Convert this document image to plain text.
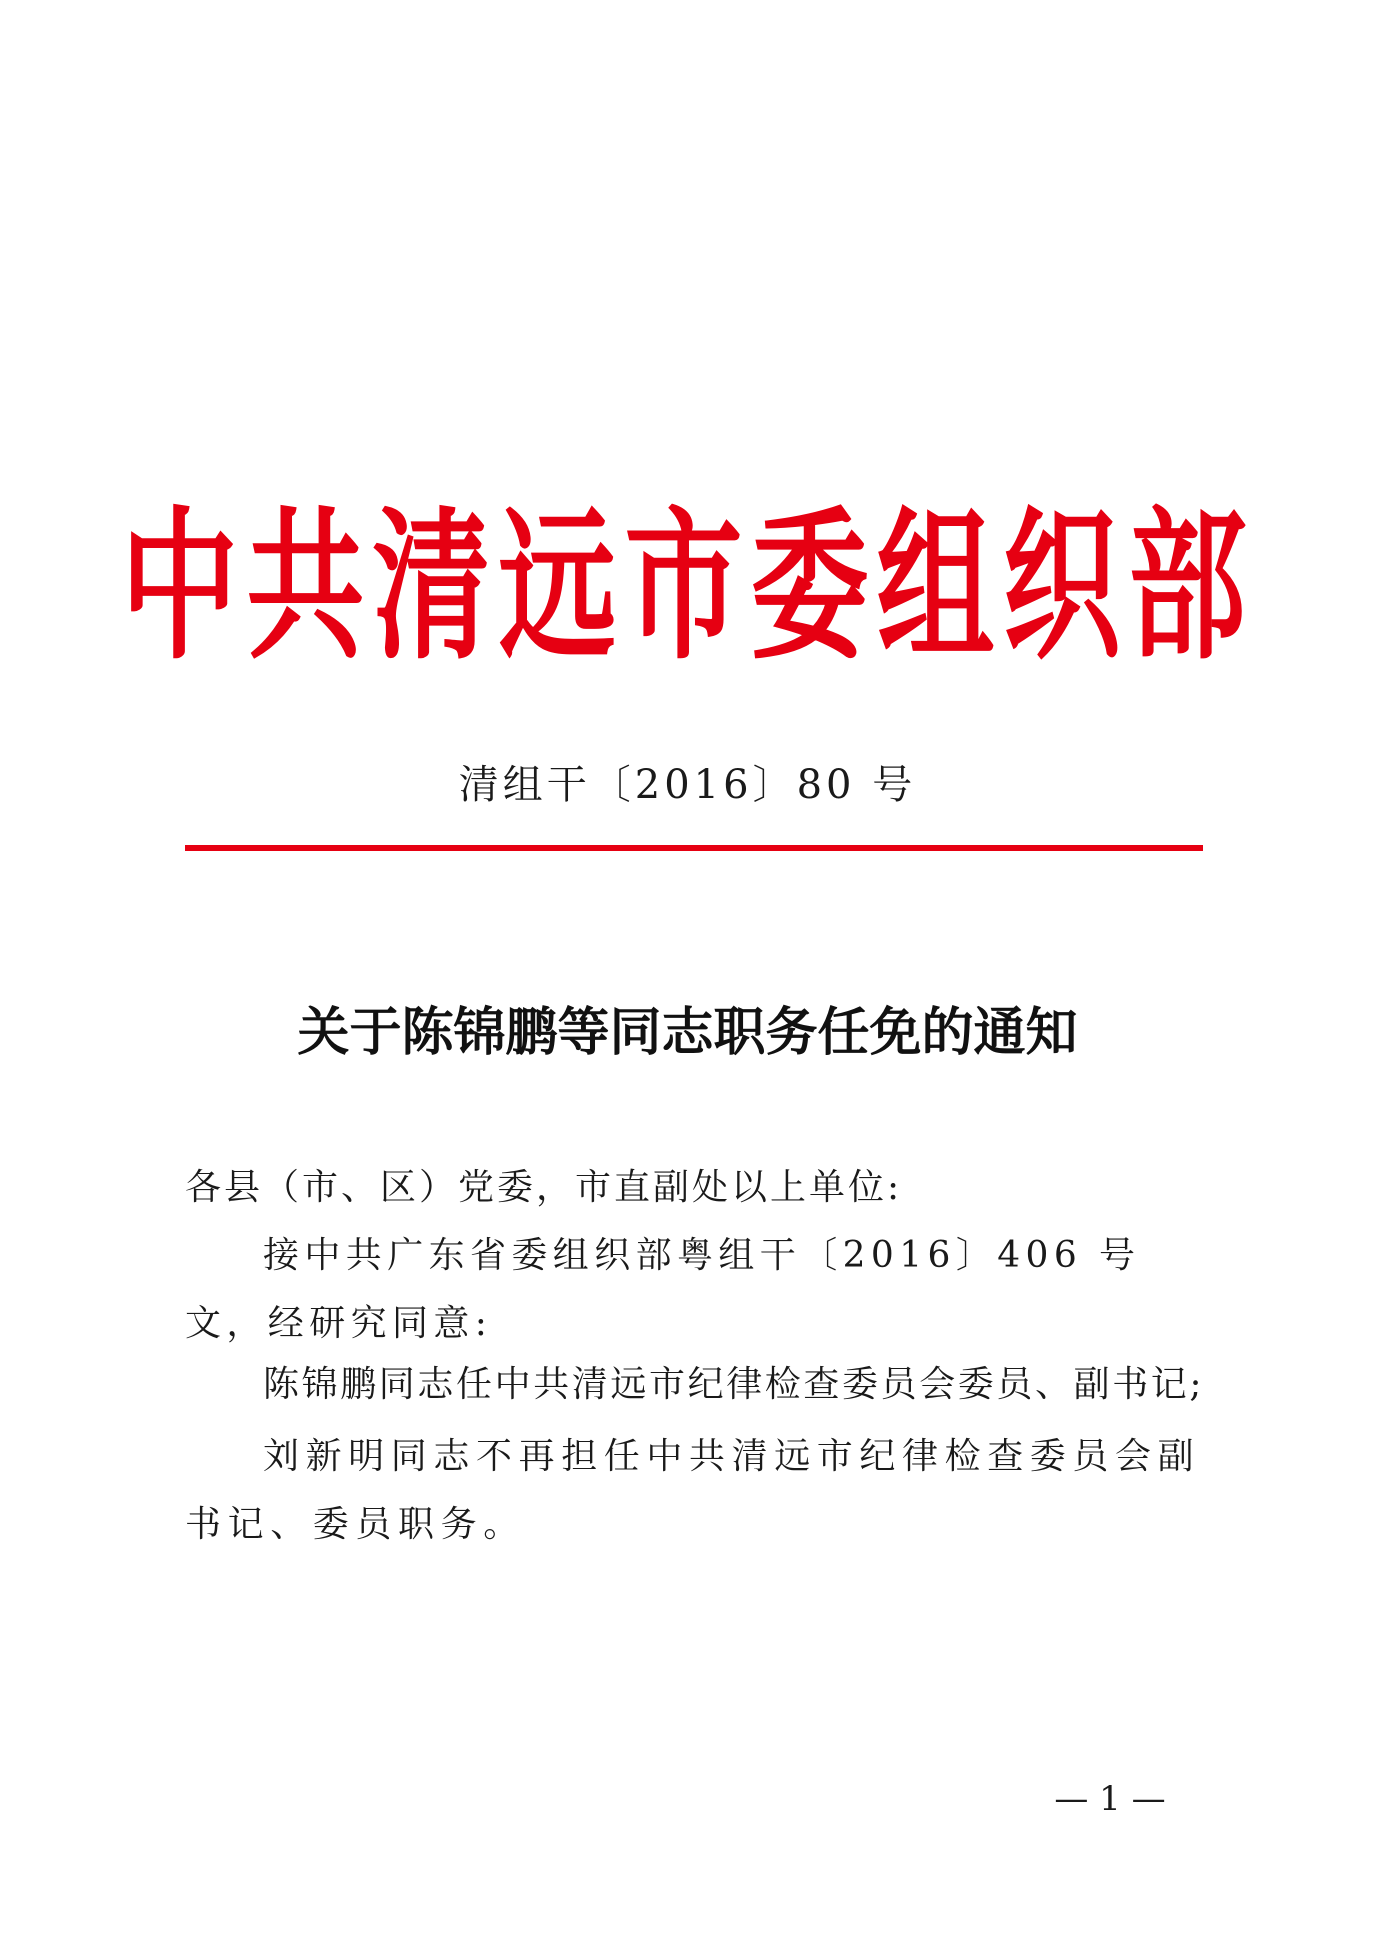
中共清远市委组织部
清组干〔2016〕80 号
关于陈锦鹏等同志职务任免的通知
各县（市、区）党委，市直副处以上单位:
接中共广东省委组织部粤组干〔2016〕406 号文，经研究同意:
陈锦鹏同志任中共清远市纪律检查委员会委员、副书记;
刘新明同志不再担任中共清远市纪律检查委员会副书记、委员职务。
— 1 —
